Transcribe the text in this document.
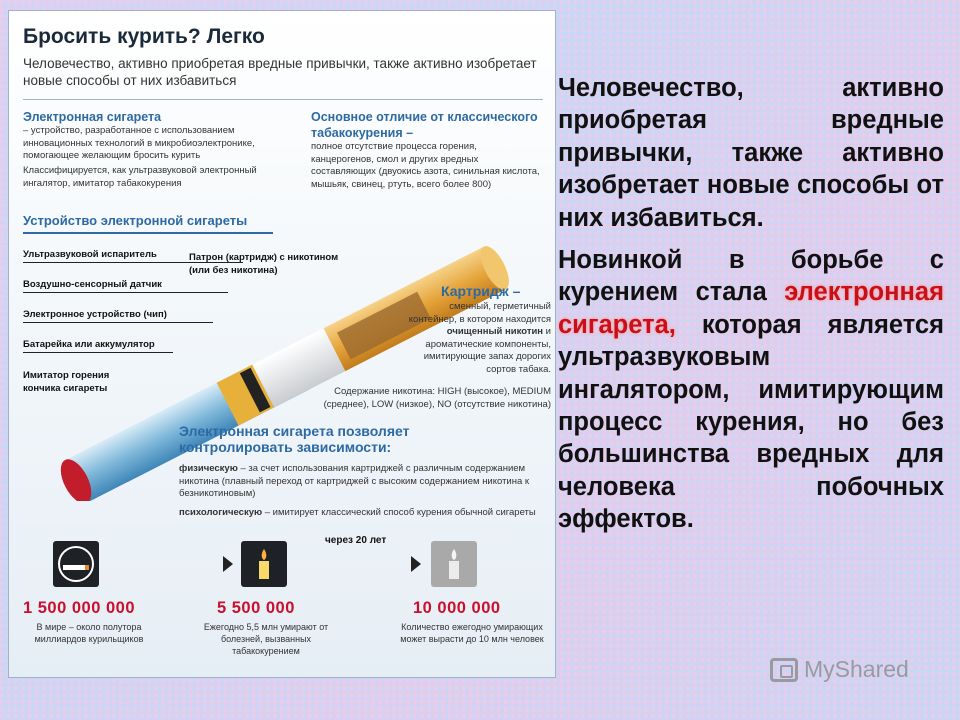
Бросить курить? Легко
Человечество, активно приобретая вредные привычки, также активно изобретает новые способы от них избавиться
Электронная сигарета
– устройство, разработанное с использованием инновационных технологий в микробиоэлектронике, помогающее желающим бросить курить
Классифицируется, как ультразвуковой электронный ингалятор, имитатор табакокурения
Основное отличие от классического табакокурения –
полное отсутствие процесса горения, канцерогенов, смол и других вредных составляющих (двуокись азота, синильная кислота, мышьяк, свинец, ртуть, всего более 800)
Устройство электронной сигареты
Ультразвуковой испаритель
Воздушно-сенсорный датчик
Электронное устройство (чип)
Батарейка или аккумулятор
Имитатор горения кончика сигареты
Патрон (картридж) с никотином (или без никотина)
Картридж –
сменный, герметичный контейнер, в котором находится очищенный никотин и ароматические компоненты, имитирующие запах дорогих сортов табака.
Содержание никотина: HIGH (высокое), MEDIUM (среднее), LOW (низкое), NO (отсутствие никотина)
Электронная сигарета позволяет контролировать зависимости:
физическую – за счет использования картриджей с различным содержанием никотина (плавный переход от картриджей с высоким содержанием никотина к безникотиновым)
психологическую – имитирует классический способ курения обычной сигареты
через 20 лет
1 500 000 000
В мире – около полутора миллиардов курильщиков
5 500 000
Ежегодно 5,5 млн умирают от болезней, вызванных табакокурением
10 000 000
Количество ежегодно умирающих может вырасти до 10 млн человек

Человечество, активно приобретая вредные привычки, также активно изобретает новые способы от них избавиться.

Новинкой в борьбе с курением стала электронная сигарета, которая является ультразвуковым ингалятором, имитирующим процесс курения, но без большинства вредных для человека побочных эффектов.

MyShared
